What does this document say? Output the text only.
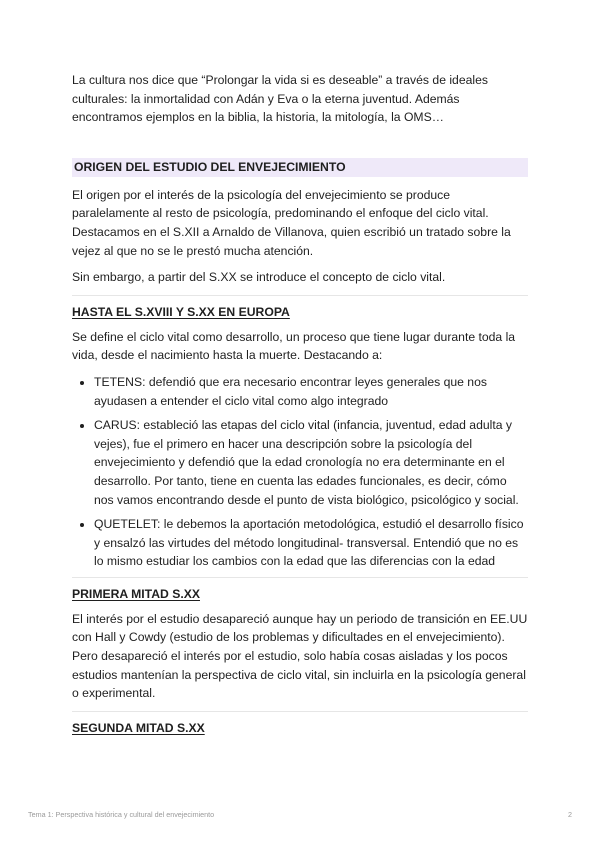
La cultura nos dice que “Prolongar la vida si es deseable” a través de ideales culturales: la inmortalidad con Adán y Eva o la eterna juventud. Además encontramos ejemplos en la biblia, la historia, la mitología, la OMS…

ORIGEN DEL ESTUDIO DEL ENVEJECIMIENTO

El origen por el interés de la psicología del envejecimiento se produce paralelamente al resto de psicología, predominando el enfoque del ciclo vital. Destacamos en el S.XII a Arnaldo de Villanova, quien escribió un tratado sobre la vejez al que no se le prestó mucha atención.

Sin embargo, a partir del S.XX se introduce el concepto de ciclo vital.

HASTA EL S.XVIII Y S.XX EN EUROPA

Se define el ciclo vital como desarrollo, un proceso que tiene lugar durante toda la vida, desde el nacimiento hasta la muerte. Destacando a:

• TETENS: defendió que era necesario encontrar leyes generales que nos ayudasen a entender el ciclo vital como algo integrado
• CARUS: estableció las etapas del ciclo vital (infancia, juventud, edad adulta y vejes), fue el primero en hacer una descripción sobre la psicología del envejecimiento y defendió que la edad cronología no era determinante en el desarrollo. Por tanto, tiene en cuenta las edades funcionales, es decir, cómo nos vamos encontrando desde el punto de vista biológico, psicológico y social.
• QUETELET: le debemos la aportación metodológica, estudió el desarrollo físico y ensalzó las virtudes del método longitudinal- transversal. Entendió que no es lo mismo estudiar los cambios con la edad que las diferencias con la edad
PRIMERA MITAD S.XX

El interés por el estudio desapareció aunque hay un periodo de transición en EE.UU con Hall y Cowdy (estudio de los problemas y dificultades en el envejecimiento). Pero desapareció el interés por el estudio, solo había cosas aisladas y los pocos estudios mantenían la perspectiva de ciclo vital, sin incluirla en la psicología general o experimental.

SEGUNDA MITAD S.XX
Tema 1: Perspectiva histórica y cultural del envejecimiento	2
